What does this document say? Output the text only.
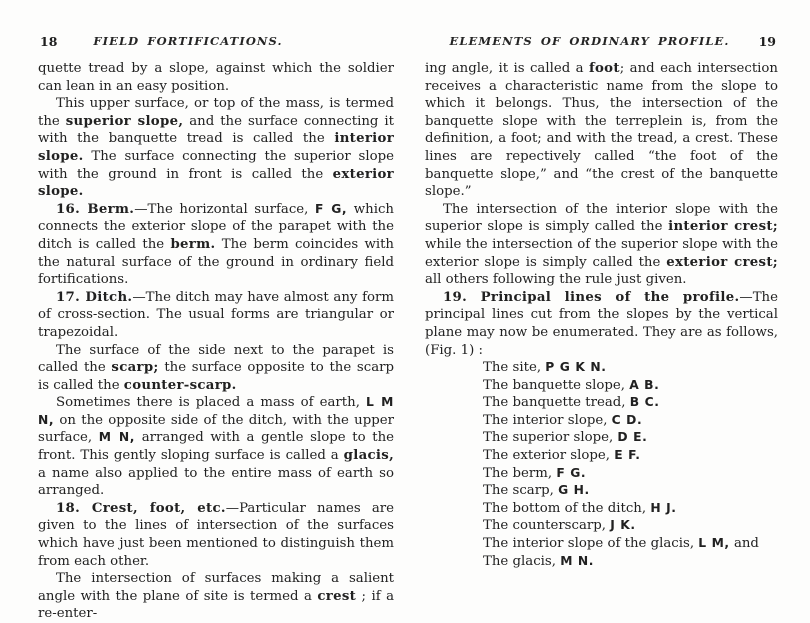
18	FIELD FORTIFICATIONS.

quette tread by a slope, against which the soldier can lean in an easy position.

This upper surface, or top of the mass, is termed the superior slope, and the surface connecting it with the banquette tread is called the interior slope. The surface connecting the superior slope with the ground in front is called the exterior slope.

16. Berm.—The horizontal surface, F G, which connects the exterior slope of the parapet with the ditch is called the berm. The berm coincides with the natural surface of the ground in ordinary field fortifications.

17. Ditch.—The ditch may have almost any form of cross-section. The usual forms are triangular or trapezoidal.

The surface of the side next to the parapet is called the scarp; the surface opposite to the scarp is called the counter-scarp.

Sometimes there is placed a mass of earth, L M N, on the opposite side of the ditch, with the upper surface, M N, arranged with a gentle slope to the front. This gently sloping surface is called a glacis, a name also applied to the entire mass of earth so arranged.

18. Crest, foot, etc.—Particular names are given to the lines of intersection of the surfaces which have just been mentioned to distinguish them from each other.

The intersection of surfaces making a salient angle with the plane of site is termed a crest ; if a re-enter-

ELEMENTS OF ORDINARY PROFILE.	19

ing angle, it is called a foot; and each intersection receives a characteristic name from the slope to which it belongs. Thus, the intersection of the banquette slope with the terreplein is, from the definition, a foot; and with the tread, a crest. These lines are repectively called “the foot of the banquette slope,” and “the crest of the banquette slope.”

The intersection of the interior slope with the superior slope is simply called the interior crest; while the intersection of the superior slope with the exterior slope is simply called the exterior crest; all others following the rule just given.

19. Principal lines of the profile.—The principal lines cut from the slopes by the vertical plane may now be enumerated. They are as follows, (Fig. 1) :

The site, P G K N.

The banquette slope, A B.

The banquette tread, B C.

The interior slope, C D.

The superior slope, D E.

The exterior slope, E F.

The berm, F G.

The scarp, G H.

The bottom of the ditch, H J.

The counterscarp, J K.

The interior slope of the glacis, L M, and

The glacis, M N.
